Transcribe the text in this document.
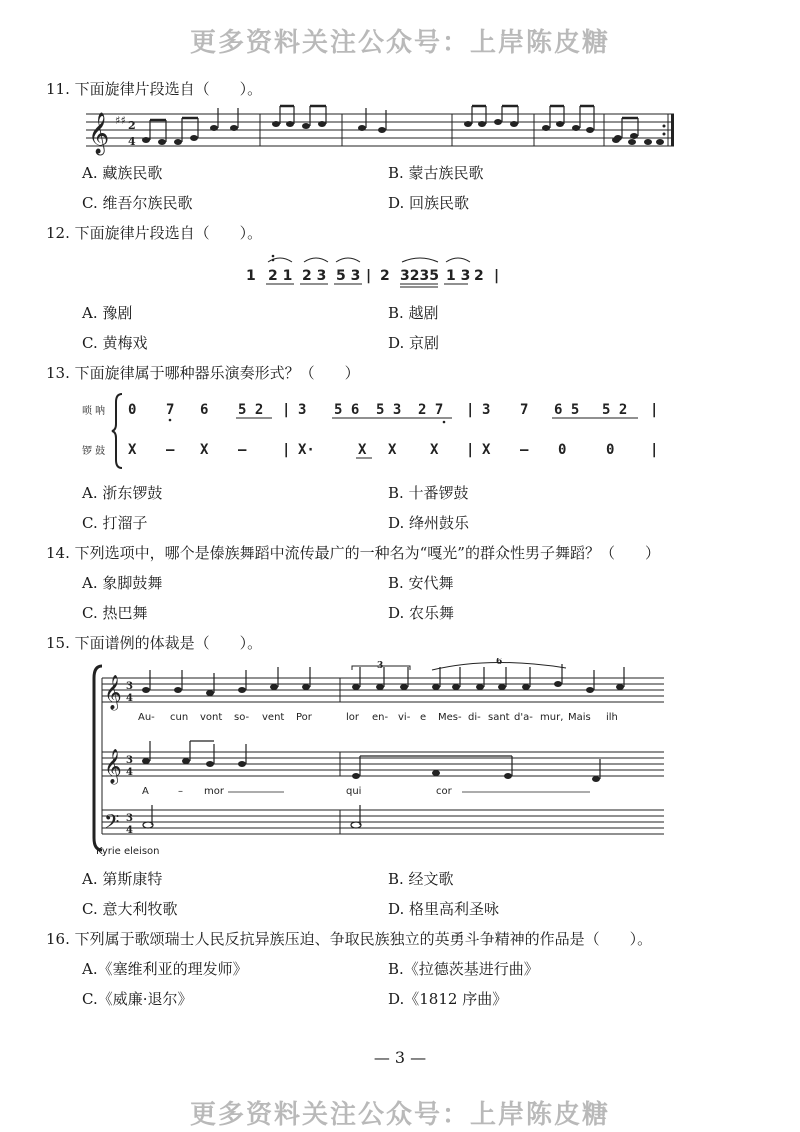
更多资料关注公众号：上岸陈皮糖
11. 下面旋律片段选自（　　）。
𝄞 ♯♯ 2
4
A. 藏族民歌	B. 蒙古族民歌
C. 维吾尔族民歌	D. 回族民歌
12. 下面旋律片段选自（　　）。
1 2 1 2 3 5 3 | 2 3235 1 3 2 |
A. 豫剧	B. 越剧
C. 黄梅戏	D. 京剧
13. 下面旋律属于哪种器乐演奏形式？（　　）
唢 呐
锣 鼓
0 7 6 5 2 | 3 5 6 5 3 2 7 | 3 7 6 5 5 2 |
X – X –	| X·	X X X | X – 0	0	|
A. 浙东锣鼓	B. 十番锣鼓
C. 打溜子	D. 绛州鼓乐
14. 下列选项中，哪个是傣族舞蹈中流传最广的一种名为“嘎光”的群众性男子舞蹈？（　　）
A. 象脚鼓舞	B. 安代舞
C. 热巴舞	D. 农乐舞
15. 下面谱例的体裁是（　　）。
𝄞
𝄞
𝄢
3
4
3
4
3
4
3	6
Au- cun vont so- vent Por	lor en- vi- e Mes- di- sant d'a- mur, Mais ilh
A	– mor	qui	cor
Kyrie eleison
A. 第斯康特	B. 经文歌
C. 意大利牧歌	D. 格里高利圣咏
16. 下列属于歌颂瑞士人民反抗异族压迫、争取民族独立的英勇斗争精神的作品是（　　）。
A.《塞维利亚的理发师》	B.《拉德茨基进行曲》
C.《威廉·退尔》	D.《1812 序曲》
— 3 —
更多资料关注公众号：上岸陈皮糖
